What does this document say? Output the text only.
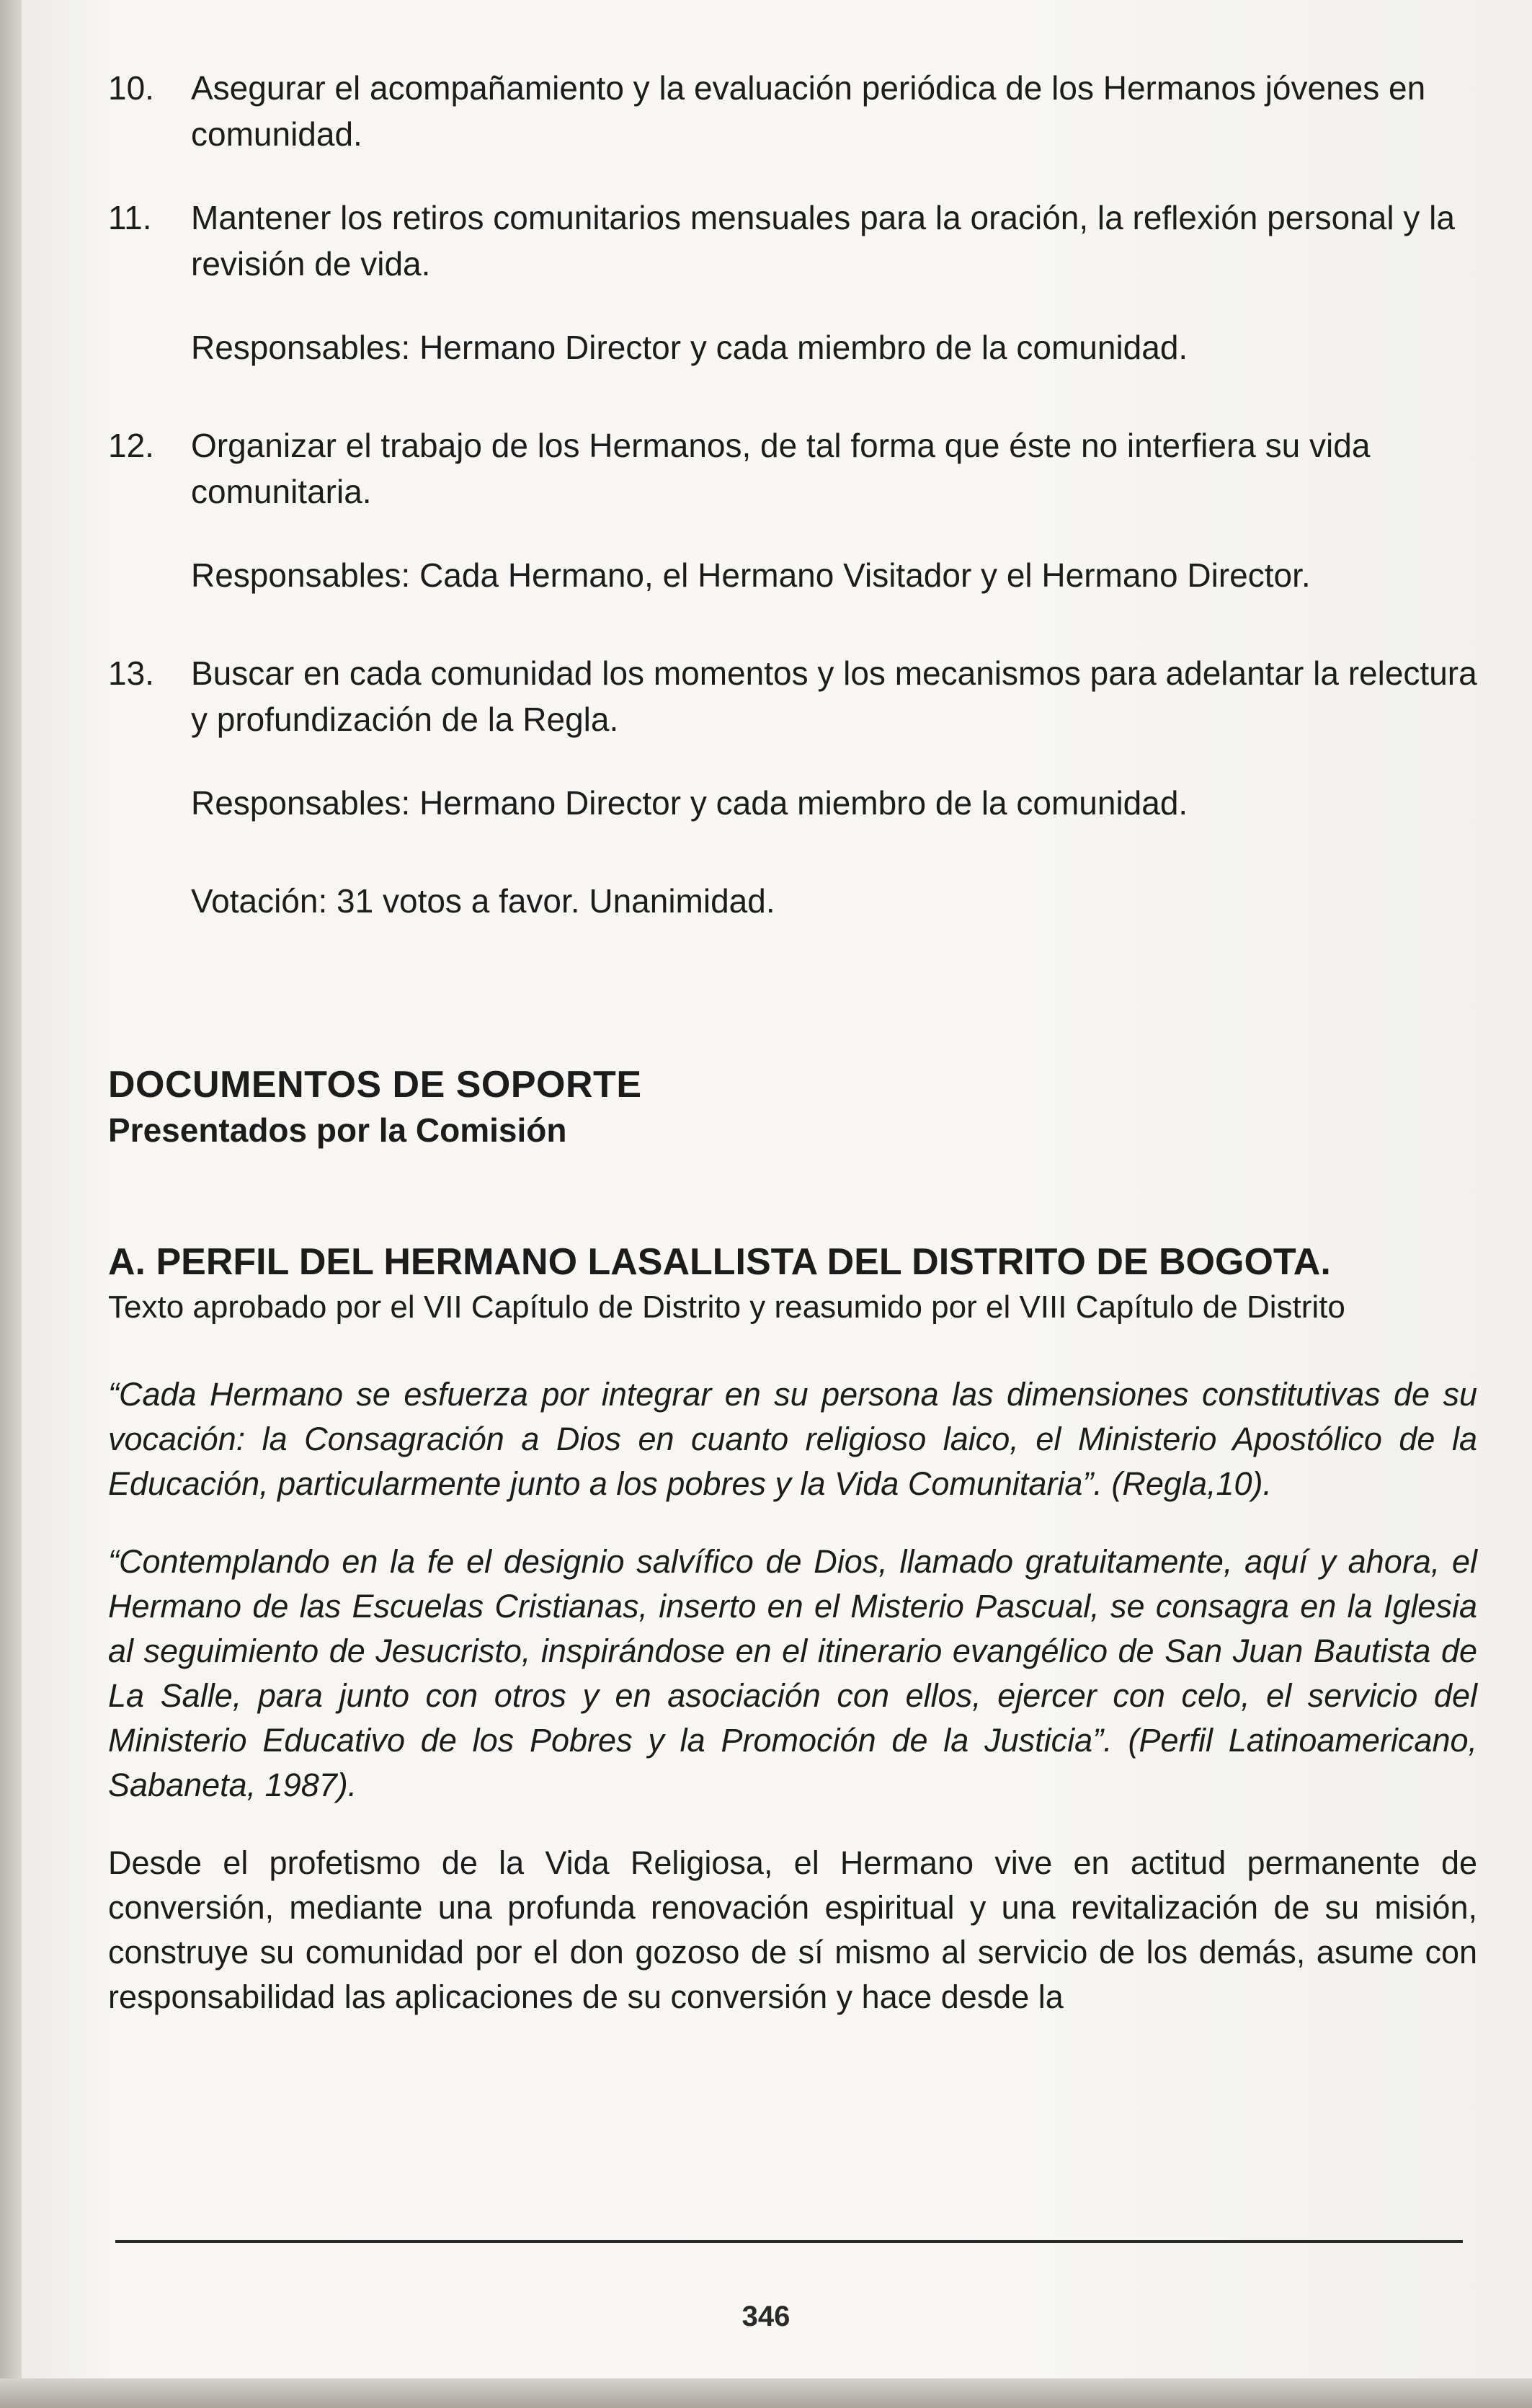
10. Asegurar el acompañamiento y la evaluación periódica de los Hermanos jóvenes en comunidad.
11. Mantener los retiros comunitarios mensuales para la oración, la reflexión personal y la revisión de vida.
Responsables: Hermano Director y cada miembro de la comunidad.
12. Organizar el trabajo de los Hermanos, de tal forma que éste no interfiera su vida comunitaria.
Responsables: Cada Hermano, el Hermano Visitador y el Hermano Director.
13. Buscar en cada comunidad los momentos y los mecanismos para adelantar la relectura y profundización de la Regla.
Responsables: Hermano Director y cada miembro de la comunidad.
Votación: 31 votos a favor. Unanimidad.
DOCUMENTOS DE SOPORTE
Presentados por la Comisión
A. PERFIL DEL HERMANO LASALLISTA DEL DISTRITO DE BOGOTA.
Texto aprobado por el VII Capítulo de Distrito y reasumido por el VIII Capítulo de Distrito
“Cada Hermano se esfuerza por integrar en su persona las dimensiones constitutivas de su vocación: la Consagración a Dios en cuanto religioso laico, el Ministerio Apostólico de la Educación, particularmente junto a los pobres y la Vida Comunitaria”. (Regla,10).
“Contemplando en la fe el designio salvífico de Dios, llamado gratuitamente, aquí y ahora, el Hermano de las Escuelas Cristianas, inserto en el Misterio Pascual, se consagra en la Iglesia al seguimiento de Jesucristo, inspirándose en el itinerario evangélico de San Juan Bautista de La Salle, para junto con otros y en asociación con ellos, ejercer con celo, el servicio del Ministerio Educativo de los Pobres y la Promoción de la Justicia”. (Perfil Latinoamericano, Sabaneta, 1987).
Desde el profetismo de la Vida Religiosa, el Hermano vive en actitud permanente de conversión, mediante una profunda renovación espiritual y una revitalización de su misión, construye su comunidad por el don gozoso de sí mismo al servicio de los demás, asume con responsabilidad las aplicaciones de su conversión y hace desde la
346
